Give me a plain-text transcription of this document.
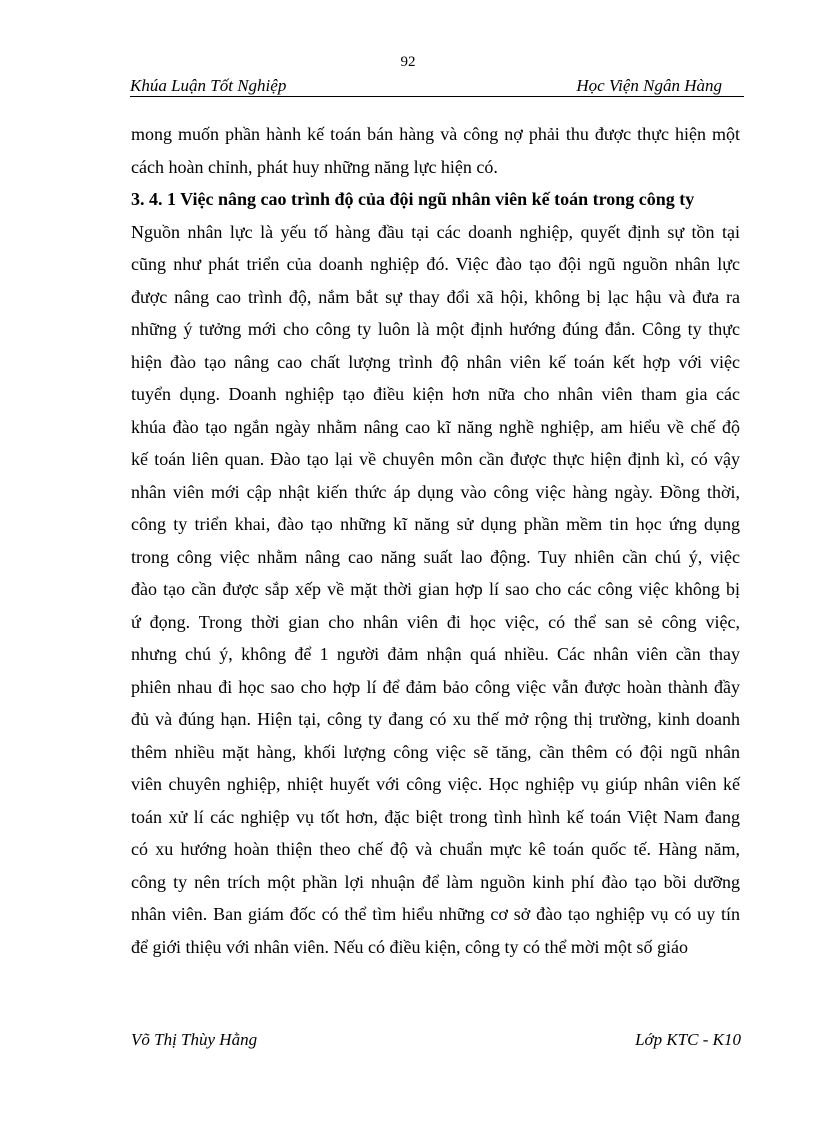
92
Khúa Luận Tốt Nghiệp	Học Viện Ngân Hàng
mong muốn phần hành kế toán bán hàng và công nợ phải thu được thực hiện một
cách hoàn chỉnh, phát huy những năng lực hiện có.
3. 4. 1 Việc nâng cao trình độ của đội ngũ nhân viên kế toán trong công ty
Nguồn nhân lực là yếu tố hàng đầu tại các doanh nghiệp, quyết định sự tồn tại
cũng như phát triển của doanh nghiệp đó. Việc đào tạo đội ngũ nguồn nhân lực
được nâng cao trình độ, nắm bắt sự thay đổi xã hội, không bị lạc hậu và đưa ra
những ý tưởng mới cho công ty luôn là một định hướng đúng đắn. Công ty thực
hiện đào tạo nâng cao chất lượng trình độ nhân viên kế toán kết hợp với việc
tuyển dụng. Doanh nghiệp tạo điều kiện hơn nữa cho nhân viên tham gia các
khúa đào tạo ngắn ngày nhằm nâng cao kĩ năng nghề nghiệp, am hiểu về chế độ
kế toán liên quan. Đào tạo lại về chuyên môn cần được thực hiện định kì, có vậy
nhân viên mới cập nhật kiến thức áp dụng vào công việc hàng ngày. Đồng thời,
công ty triển khai, đào tạo những kĩ năng sử dụng phần mềm tin học ứng dụng
trong công việc nhằm nâng cao năng suất lao động. Tuy nhiên cần chú ý, việc
đào tạo cần được sắp xếp về mặt thời gian hợp lí sao cho các công việc không bị
ứ đọng. Trong thời gian cho nhân viên đi học việc, có thể san sẻ công việc,
nhưng chú ý, không để 1 người đảm nhận quá nhiều. Các nhân viên cần thay
phiên nhau đi học sao cho hợp lí để đảm bảo công việc vẫn được hoàn thành đầy
đủ và đúng hạn. Hiện tại, công ty đang có xu thế mở rộng thị trường, kinh doanh
thêm nhiều mặt hàng, khối lượng công việc sẽ tăng, cần thêm có đội ngũ nhân
viên chuyên nghiệp, nhiệt huyết với công việc. Học nghiệp vụ giúp nhân viên kế
toán xử lí các nghiệp vụ tốt hơn, đặc biệt trong tình hình kế toán Việt Nam đang
có xu hướng hoàn thiện theo chế độ và chuẩn mực kê toán quốc tế. Hàng năm,
công ty nên trích một phần lợi nhuận để làm nguồn kinh phí đào tạo bồi dưỡng
nhân viên. Ban giám đốc có thể tìm hiểu những cơ sở đào tạo nghiệp vụ có uy tín
để giới thiệu với nhân viên. Nếu có điều kiện, công ty có thể mời một số giáo
Võ Thị Thùy Hằng	Lớp KTC - K10
